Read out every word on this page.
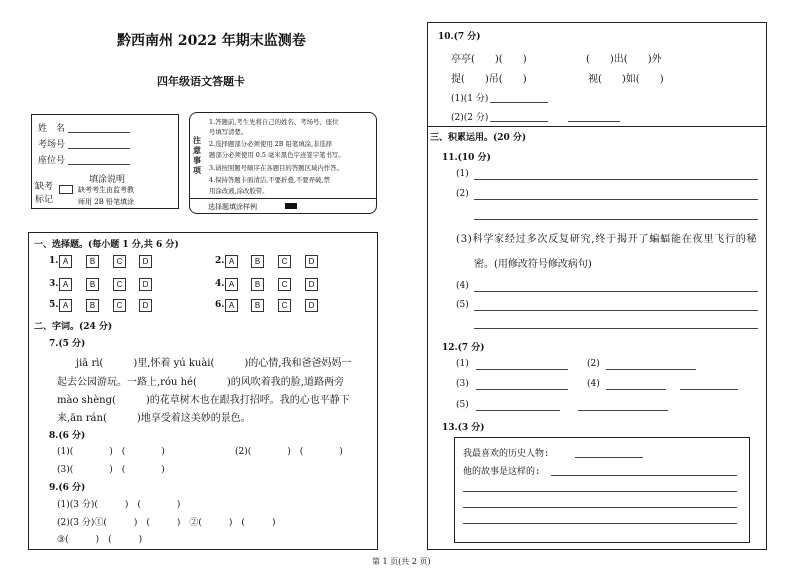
黔西南州 2022 年期末监测卷
四年级语文答题卡
姓　名
考场号
座位号
缺考
标记
填涂说明
缺考考生由监考教
师用 2B 铅笔填涂
注意事项
1.答题前,考生先将自己的姓名、考场号、座位
号填写清楚。
2.选择题部分必须使用 2B 铅笔填涂,非选择
题部分必须使用 0.5 毫米黑色字迹签字笔书写。
3.请按照题号顺序在各题目的答题区域内作答。
4.保持答题卡面清洁,不要折叠,不要弄破,禁
用涂改液,涂改胶带。
选择题填涂样例
一、选择题。(每小题 1 分,共 6 分)
1. A	B	C	D	2. A	B	C	D
3. A	B	C	D	4. A	B	C	D
5. A	B	C	D	6. A	B	C	D
二、字词。(24 分)
7.(5 分)
jiā rì(　　　)里,怀着 yú kuài(　　　)的心情,我和爸爸妈妈一
起去公园游玩。一路上,róu hé(　　　)的风吹着我的脸,道路两旁
mào shèng(　　　)的花草树木也在跟我打招呼。我的心也平静下
来,ān rán(　　　)地享受着这美妙的景色。
8.(6 分)
(1)(　　　　)　(　　　　)	(2)(　　　　)　(　　　　)
(3)(　　　　)　(　　　　)
9.(6 分)
(1)(3 分)(　　　)　(　　　　)
(2)(3 分)①(　　　)　(　　　)　②(　　　)　(　　　)
③(　　　)　(　　　)
10.(7 分)
亭亭(　　)(　　)	(　　)出(　　)外
提(　　)吊(　　)	视(　　)如(　　)
(1)(1 分)
(2)(2 分)
三、积累运用。(20 分)
11.(10 分)
(1)
(2)
(3)科学家经过多次反复研究,终于揭开了蝙蝠能在夜里飞行的秘
密。(用修改符号修改病句)
(4)
(5)
12.(7 分)
(1)	(2)
(3)	(4)
(5)
13.(3 分)
我最喜欢的历史人物:
他的故事是这样的:
第 1 页(共 2 页)
